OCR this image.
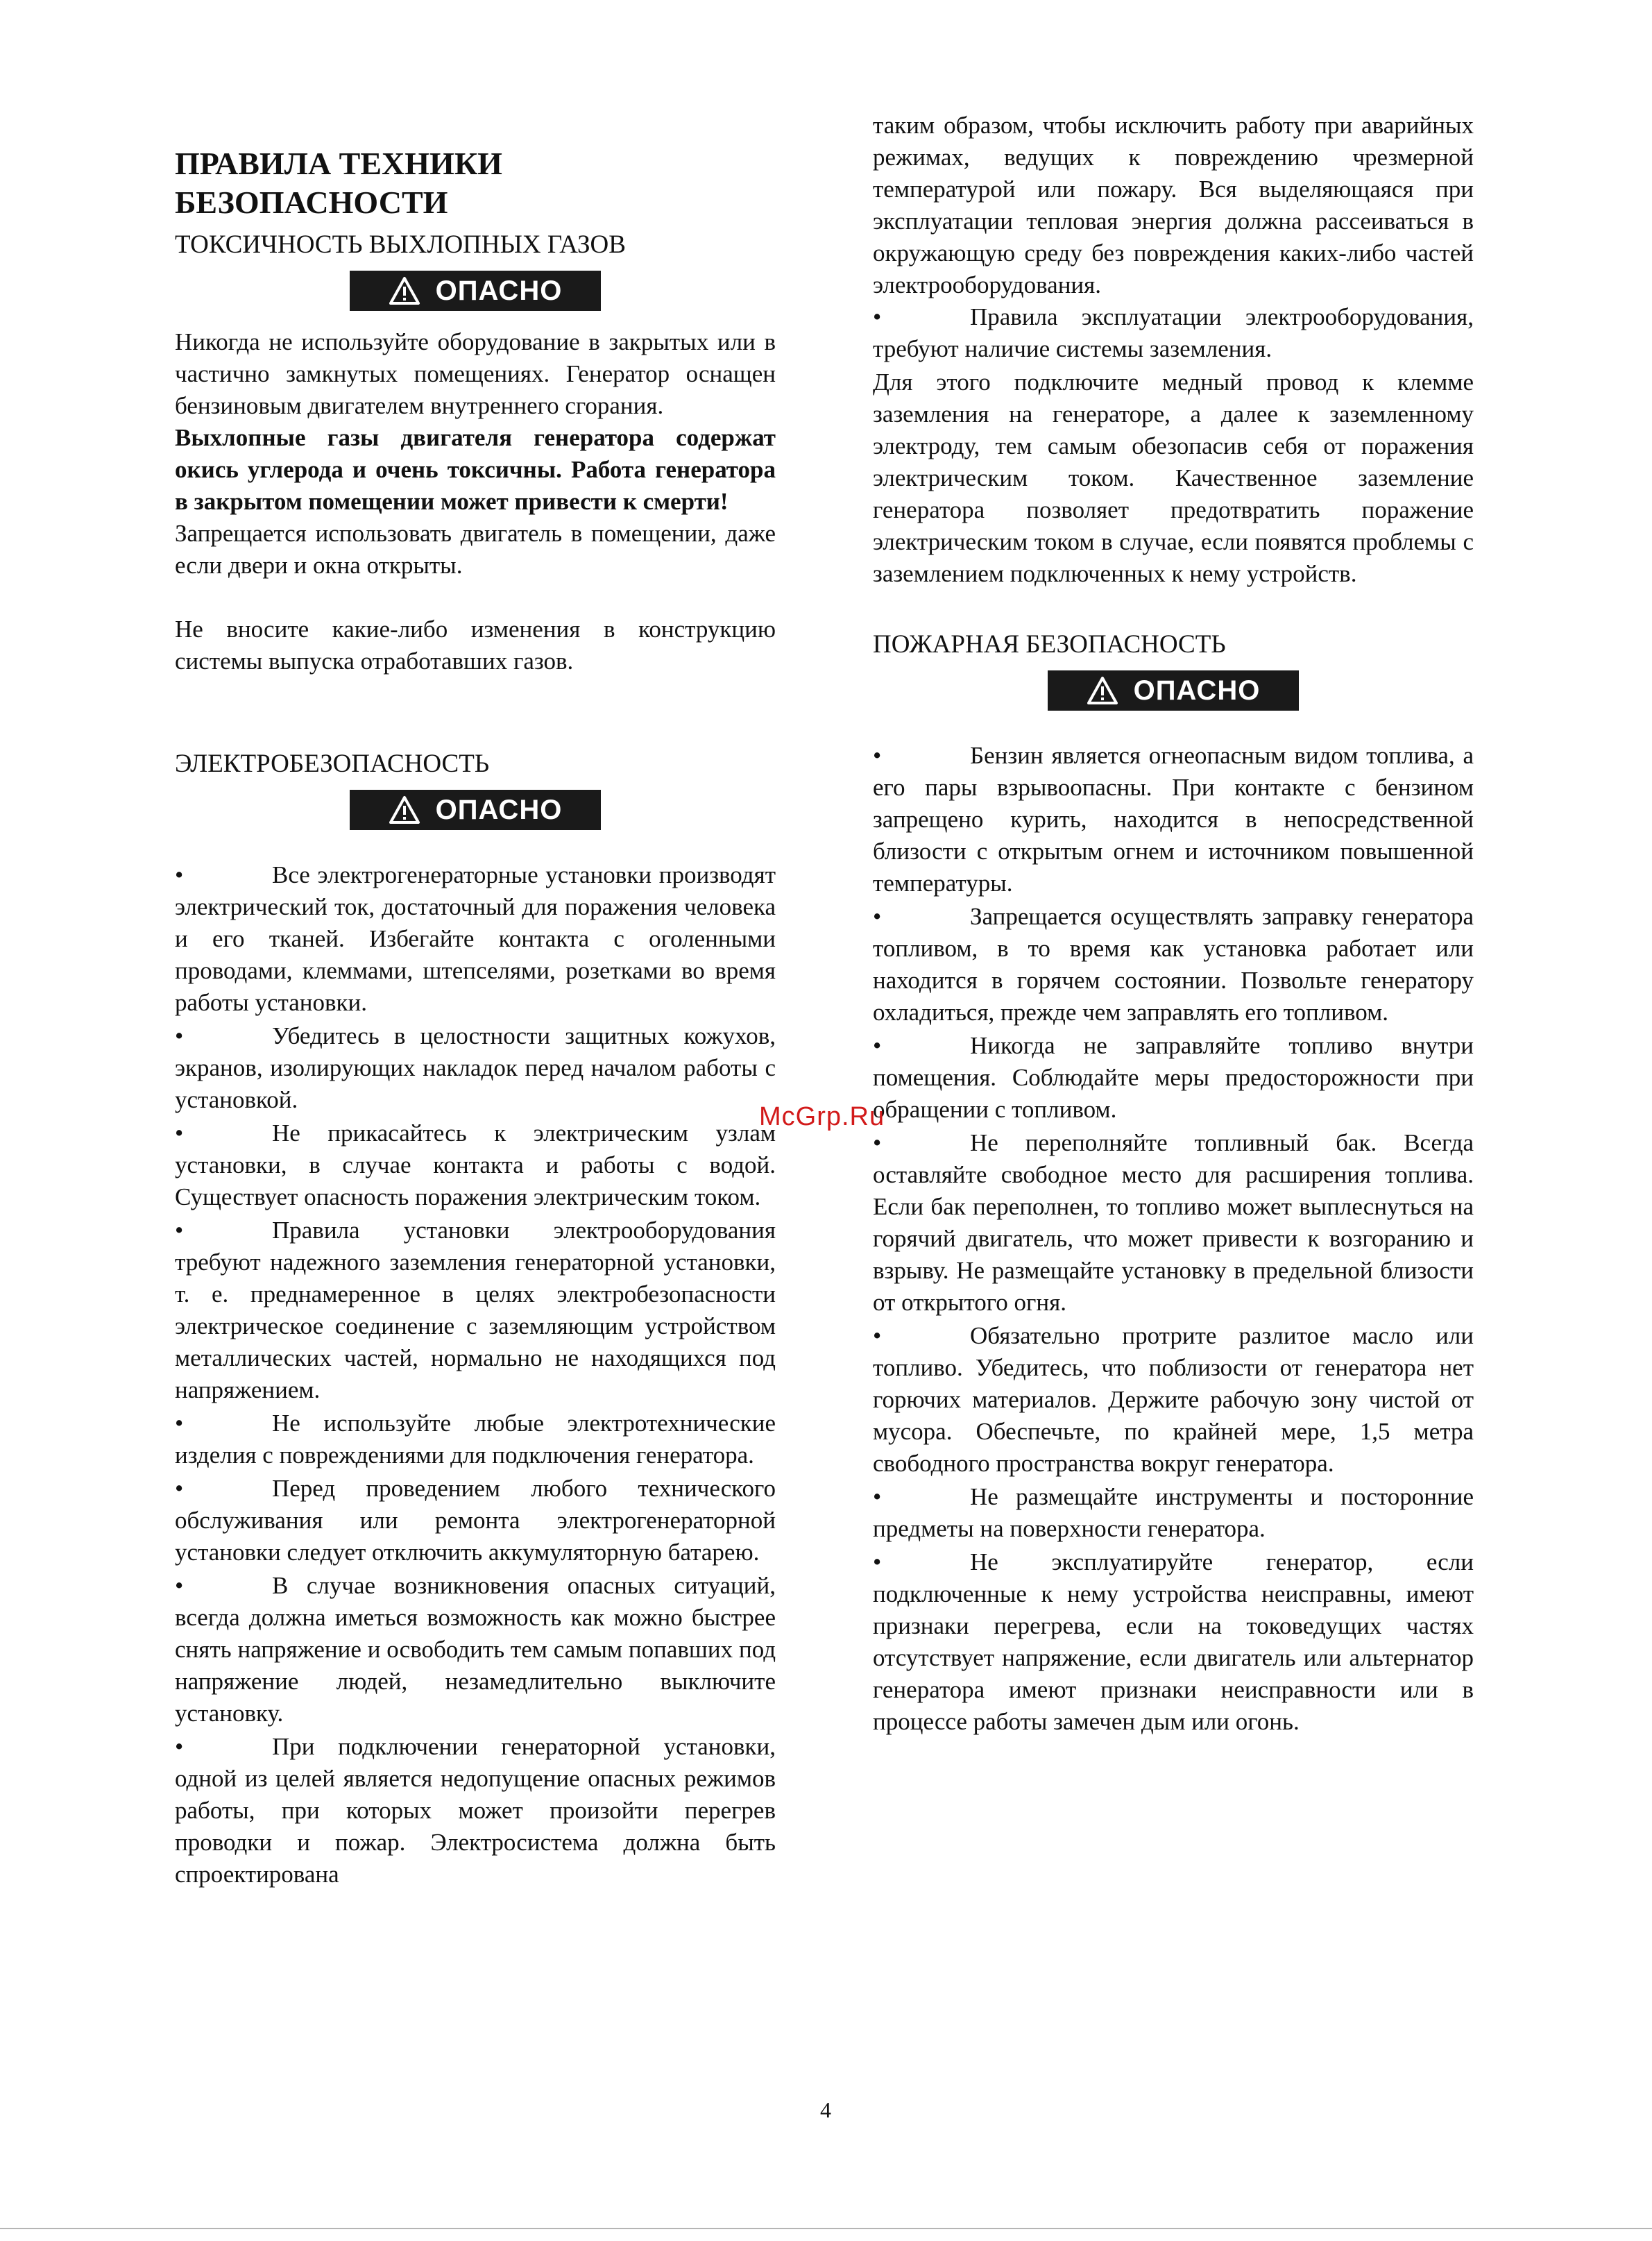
ПРАВИЛА ТЕХНИКИ
БЕЗОПАСНОСТИ
ТОКСИЧНОСТЬ ВЫХЛОПНЫХ ГАЗОВ
ОПАСНО

Никогда не используйте оборудование в закрытых или в частично замкнутых помещениях. Генератор оснащен бензиновым двигателем внутреннего сгорания.

Выхлопные газы двигателя генератора содержат окись углерода и очень токсичны. Работа генератора в закрытом помещении может привести к смерти!

Запрещается использовать двигатель в помещении, даже если двери и окна открыты.

Не вносите какие-либо изменения в конструкцию системы выпуска отработавших газов.

ЭЛЕКТРОБЕЗОПАСНОСТЬ
ОПАСНО

•	Все электрогенераторные установки производят электрический ток, достаточный для поражения человека и его тканей. Избегайте контакта с оголенными проводами, клеммами, штепселями, розетками во время работы установки.

•	Убедитесь в целостности защитных кожухов, экранов, изолирующих накладок перед началом работы с установкой.

•	Не прикасайтесь к электрическим узлам установки, в случае контакта и работы с водой. Существует опасность поражения электрическим током.

•	Правила установки электрооборудования требуют надежного заземления генераторной установки, т. е. преднамеренное в целях электробезопасности электрическое соединение с заземляющим устройством металлических частей, нормально не находящихся под напряжением.

•	Не используйте любые электротехнические изделия с повреждениями для подключения генератора.

•	Перед проведением любого технического обслуживания или ремонта электрогенераторной установки следует отключить аккумуляторную батарею.

•	В случае возникновения опасных ситуаций, всегда должна иметься возможность как можно быстрее снять напряжение и освободить тем самым попавших под напряжение людей, незамедлительно выключите установку.

•	При подключении генераторной установки, одной из целей является недопущение опасных режимов работы, при которых может произойти перегрев проводки и пожар. Электросистема должна быть спроектирована

таким образом, чтобы исключить работу при аварийных режимах, ведущих к повреждению чрезмерной температурой или пожару. Вся выделяющаяся при эксплуатации тепловая энергия должна рассеиваться в окружающую среду без повреждения каких-либо частей электрооборудования.

•	Правила эксплуатации электрооборудования, требуют наличие системы заземления.

Для этого подключите медный провод к клемме заземления на генераторе, а далее к заземленному электроду, тем самым обезопасив себя от поражения электрическим током. Качественное заземление генератора позволяет предотвратить поражение электрическим током в случае, если появятся проблемы с заземлением подключенных к нему устройств.

ПОЖАРНАЯ БЕЗОПАСНОСТЬ
ОПАСНО

•	Бензин является огнеопасным видом топлива, а его пары взрывоопасны. При контакте с бензином запрещено курить, находится в непосредственной близости с открытым огнем и источником повышенной температуры.

•	Запрещается осуществлять заправку генератора топливом, в то время как установка работает или находится в горячем состоянии. Позвольте генератору охладиться, прежде чем заправлять его топливом.

•	Никогда не заправляйте топливо внутри помещения. Соблюдайте меры предосторожности при обращении с топливом.

•	Не переполняйте топливный бак. Всегда оставляйте свободное место для расширения топлива. Если бак переполнен, то топливо может выплеснуться на горячий двигатель, что может привести к возгоранию и взрыву. Не размещайте установку в предельной близости от открытого огня.

•	Обязательно протрите разлитое масло или топливо. Убедитесь, что поблизости от генератора нет горючих материалов. Держите рабочую зону чистой от мусора. Обеспечьте, по крайней мере, 1,5 метра свободного пространства вокруг генератора.

•	Не размещайте инструменты и посторонние предметы на поверхности генератора.

•	Не эксплуатируйте генератор, если подключенные к нему устройства неисправны, имеют признаки перегрева, если на токоведущих частях отсутствует напряжение, если двигатель или альтернатор генератора имеют признаки неисправности или в процессе работы замечен дым или огонь.

McGrp.Ru
4
